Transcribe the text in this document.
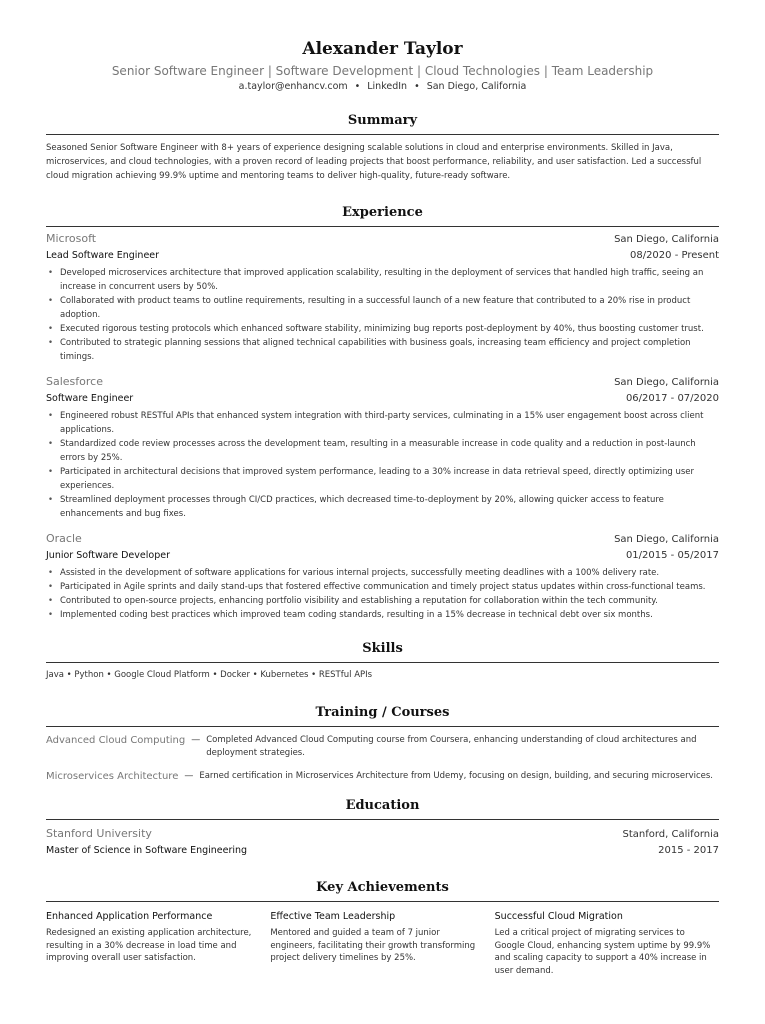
Alexander Taylor
Senior Software Engineer | Software Development | Cloud Technologies | Team Leadership
a.taylor@enhancv.com • LinkedIn • San Diego, California
Summary
Seasoned Senior Software Engineer with 8+ years of experience designing scalable solutions in cloud and enterprise environments. Skilled in Java, microservices, and cloud technologies, with a proven record of leading projects that boost performance, reliability, and user satisfaction. Led a successful cloud migration achieving 99.9% uptime and mentoring teams to deliver high-quality, future-ready software.
Experience
Microsoft	San Diego, California
Lead Software Engineer	08/2020 - Present
• Developed microservices architecture that improved application scalability, resulting in the deployment of services that handled high traffic, seeing an increase in concurrent users by 50%.
• Collaborated with product teams to outline requirements, resulting in a successful launch of a new feature that contributed to a 20% rise in product adoption.
• Executed rigorous testing protocols which enhanced software stability, minimizing bug reports post-deployment by 40%, thus boosting customer trust.
• Contributed to strategic planning sessions that aligned technical capabilities with business goals, increasing team efficiency and project completion timings.
Salesforce	San Diego, California
Software Engineer	06/2017 - 07/2020
• Engineered robust RESTful APIs that enhanced system integration with third-party services, culminating in a 15% user engagement boost across client applications.
• Standardized code review processes across the development team, resulting in a measurable increase in code quality and a reduction in post-launch errors by 25%.
• Participated in architectural decisions that improved system performance, leading to a 30% increase in data retrieval speed, directly optimizing user experiences.
• Streamlined deployment processes through CI/CD practices, which decreased time-to-deployment by 20%, allowing quicker access to feature enhancements and bug fixes.
Oracle	San Diego, California
Junior Software Developer	01/2015 - 05/2017
• Assisted in the development of software applications for various internal projects, successfully meeting deadlines with a 100% delivery rate.
• Participated in Agile sprints and daily stand-ups that fostered effective communication and timely project status updates within cross-functional teams.
• Contributed to open-source projects, enhancing portfolio visibility and establishing a reputation for collaboration within the tech community.
• Implemented coding best practices which improved team coding standards, resulting in a 15% decrease in technical debt over six months.
Skills
Java • Python • Google Cloud Platform • Docker • Kubernetes • RESTful APIs
Training / Courses
Advanced Cloud Computing — Completed Advanced Cloud Computing course from Coursera, enhancing understanding of cloud architectures and deployment strategies.
Microservices Architecture — Earned certification in Microservices Architecture from Udemy, focusing on design, building, and securing microservices.
Education
Stanford University	Stanford, California
Master of Science in Software Engineering	2015 - 2017
Key Achievements
Enhanced Application Performance
Redesigned an existing application architecture, resulting in a 30% decrease in load time and improving overall user satisfaction.
Effective Team Leadership
Mentored and guided a team of 7 junior engineers, facilitating their growth transforming project delivery timelines by 25%.
Successful Cloud Migration
Led a critical project of migrating services to Google Cloud, enhancing system uptime by 99.9% and scaling capacity to support a 40% increase in user demand.
